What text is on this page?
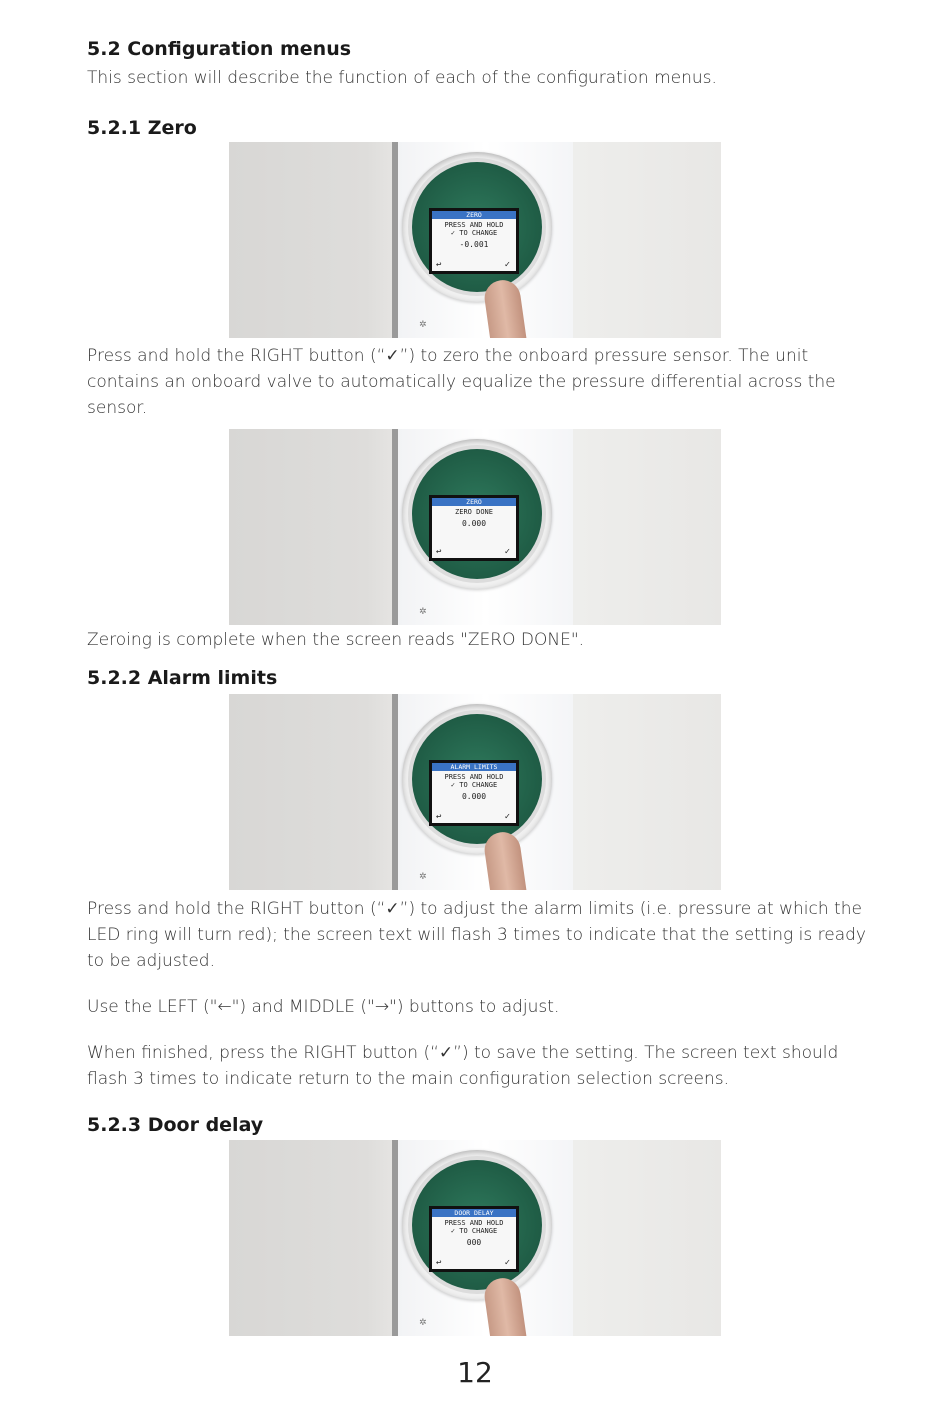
5.2 Configuration menus

This section will describe the function of each of the configuration menus.

5.2.1 Zero
ZERO
PRESS AND HOLD
✓ TO CHANGE
-0.001
↩	✓
✲

Press and hold the RIGHT button (“✓”) to zero the onboard pressure sensor. The unit contains an onboard valve to automatically equalize the pressure differential across the sensor.

ZERO
ZERO DONE
0.000
↩	✓
✲

Zeroing is complete when the screen reads "ZERO DONE".

5.2.2 Alarm limits
ALARM LIMITS
PRESS AND HOLD
✓ TO CHANGE
0.000
↩	✓
✲

Press and hold the RIGHT button (“✓”) to adjust the alarm limits (i.e. pressure at which the LED ring will turn red); the screen text will flash 3 times to indicate that the setting is ready to be adjusted.

Use the LEFT ("←") and MIDDLE ("→") buttons to adjust.

When finished, press the RIGHT button (“✓”) to save the setting. The screen text should flash 3 times to indicate return to the main configuration selection screens.

5.2.3 Door delay
DOOR DELAY
PRESS AND HOLD
✓ TO CHANGE
000
↩	✓
✲
12
